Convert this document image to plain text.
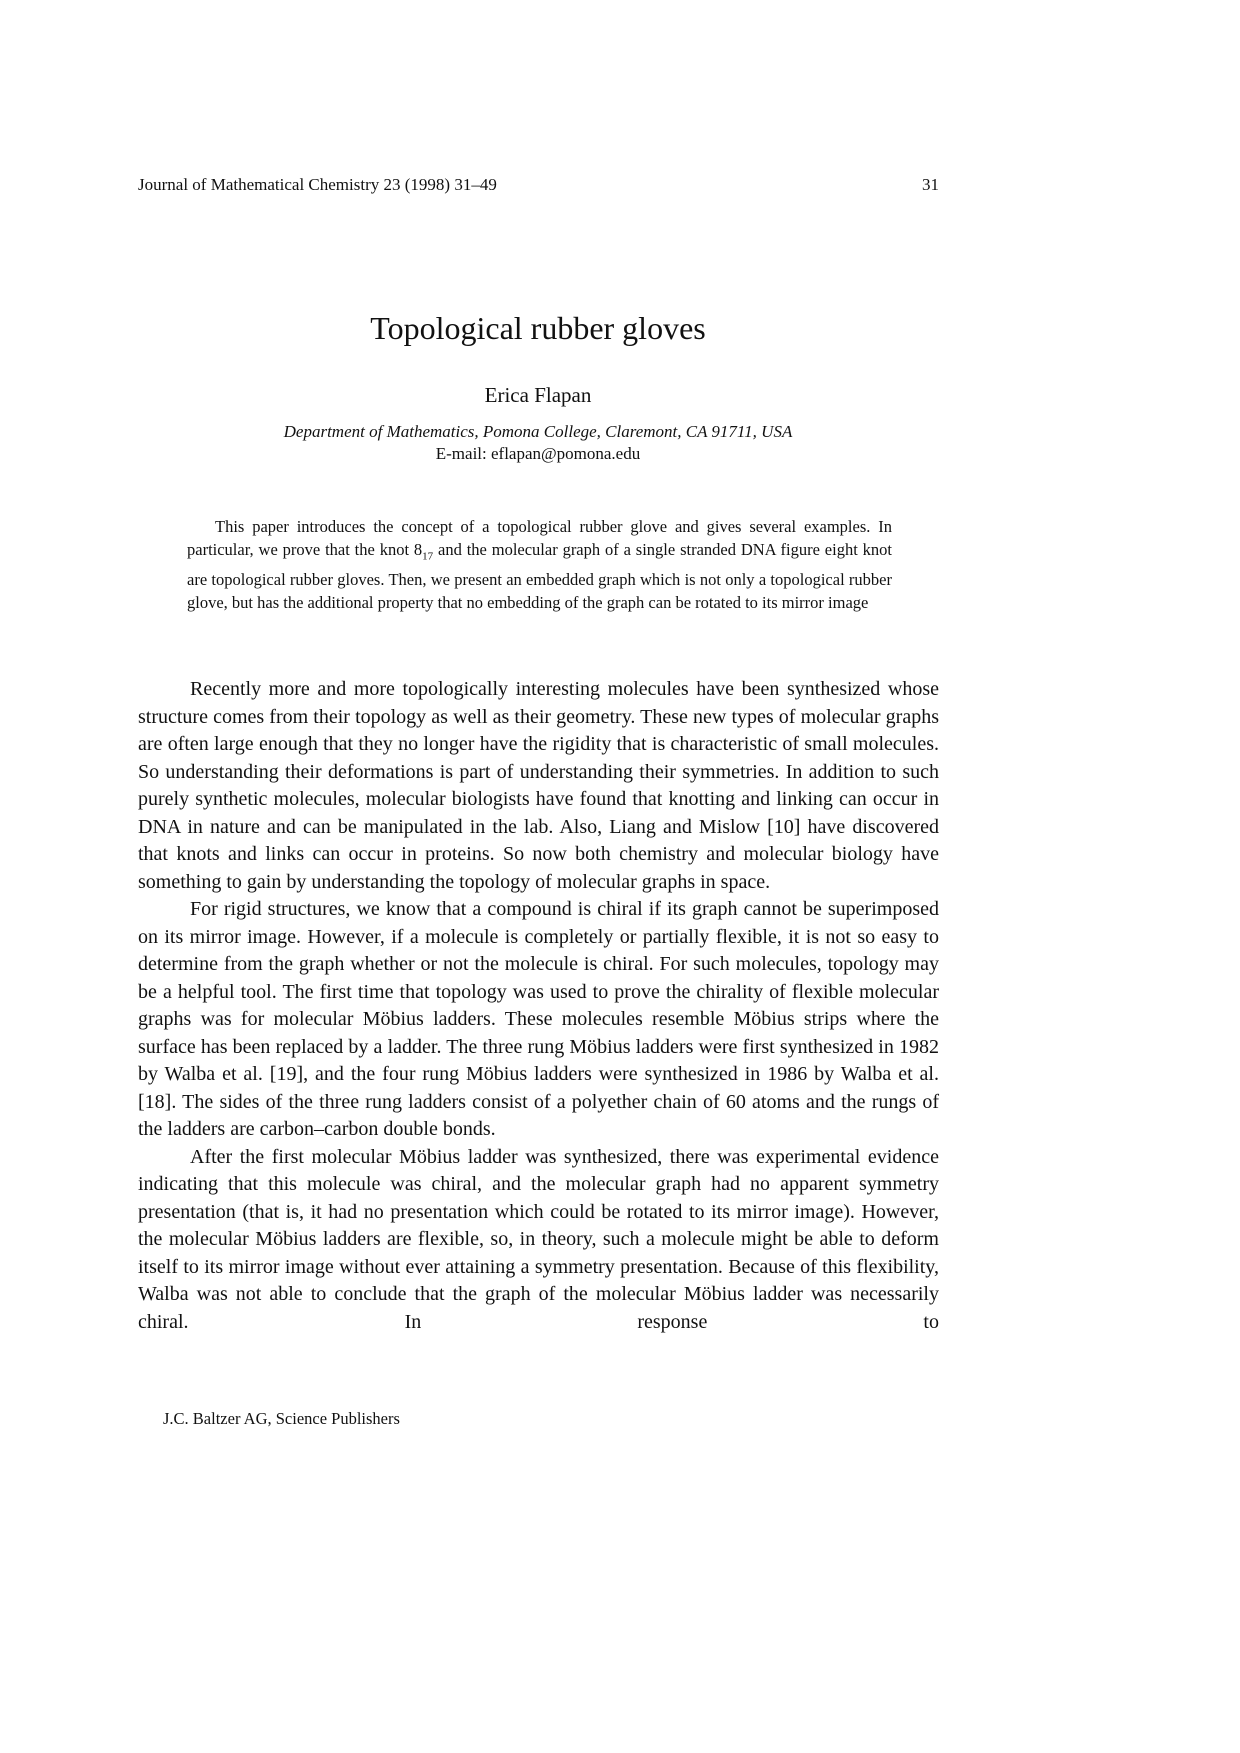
Journal of Mathematical Chemistry 23 (1998) 31–49	31
Topological rubber gloves
Erica Flapan
Department of Mathematics, Pomona College, Claremont, CA 91711, USA
E-mail: eflapan@pomona.edu

This paper introduces the concept of a topological rubber glove and gives several examples. In particular, we prove that the knot $8_{17}$ and the molecular graph of a single stranded DNA figure eight knot are topological rubber gloves. Then, we present an embedded graph which is not only a topological rubber glove, but has the additional property that no embedding of the graph can be rotated to its mirror image

Recently more and more topologically interesting molecules have been synthesized whose structure comes from their topology as well as their geometry. These new types of molecular graphs are often large enough that they no longer have the rigidity that is characteristic of small molecules. So understanding their deformations is part of understanding their symmetries. In addition to such purely synthetic molecules, molecular biologists have found that knotting and linking can occur in DNA in nature and can be manipulated in the lab. Also, Liang and Mislow [10] have discovered that knots and links can occur in proteins. So now both chemistry and molecular biology have something to gain by understanding the topology of molecular graphs in space.

For rigid structures, we know that a compound is chiral if its graph cannot be superimposed on its mirror image. However, if a molecule is completely or partially flexible, it is not so easy to determine from the graph whether or not the molecule is chiral. For such molecules, topology may be a helpful tool. The first time that topology was used to prove the chirality of flexible molecular graphs was for molecular Möbius ladders. These molecules resemble Möbius strips where the surface has been replaced by a ladder. The three rung Möbius ladders were first synthesized in 1982 by Walba et al. [19], and the four rung Möbius ladders were synthesized in 1986 by Walba et al. [18]. The sides of the three rung ladders consist of a polyether chain of 60 atoms and the rungs of the ladders are carbon–carbon double bonds.

After the first molecular Möbius ladder was synthesized, there was experimental evidence indicating that this molecule was chiral, and the molecular graph had no apparent symmetry presentation (that is, it had no presentation which could be rotated to its mirror image). However, the molecular Möbius ladders are flexible, so, in theory, such a molecule might be able to deform itself to its mirror image without ever attaining a symmetry presentation. Because of this flexibility, Walba was not able to conclude that the graph of the molecular Möbius ladder was necessarily chiral. In response to

J.C. Baltzer AG, Science Publishers
